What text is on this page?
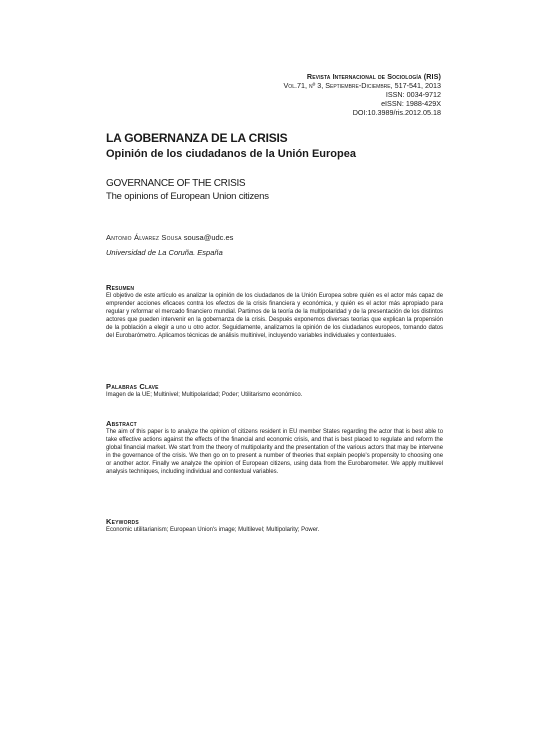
Revista Internacional de Sociología (RIS)
Vol.71, nº 3, Septiembre-Diciembre, 517-541, 2013
ISSN: 0034-9712
eISSN: 1988-429X
DOI:10.3989/ris.2012.05.18
LA GOBERNANZA DE LA CRISIS
Opinión de los ciudadanos de la Unión Europea
GOVERNANCE OF THE CRISIS
The opinions of European Union citizens
Antonio Álvarez Sousa sousa@udc.es
Universidad de La Coruña. España
Resumen

El objetivo de este artículo es analizar la opinión de los ciudadanos de la Unión Europea sobre quién es el actor más capaz de emprender acciones eficaces contra los efectos de la crisis financiera y económica, y quién es el actor más apropiado para regular y reformar el mercado financiero mundial. Partimos de la teoría de la multipolaridad y de la presentación de los distintos actores que pueden intervenir en la gobernanza de la crisis. Después exponemos diversas teorías que explican la propensión de la población a elegir a uno u otro actor. Seguidamente, analizamos la opinión de los ciudadanos europeos, tomando datos del Eurobarómetro. Aplicamos técnicas de análisis multinivel, incluyendo variables individuales y contextuales.

Palabras Clave

Imagen de la UE; Multinivel; Multipolaridad; Poder; Utilitarismo económico.

Abstract

The aim of this paper is to analyze the opinion of citizens resident in EU member States regarding the actor that is best able to take effective actions against the effects of the financial and economic crisis, and that is best placed to regulate and reform the global financial market. We start from the theory of multipolarity and the presentation of the various actors that may be intervene in the governance of the crisis. We then go on to present a number of theories that explain people's propensity to choosing one or another actor. Finally we analyze the opinion of European citizens, using data from the Eurobarometer. We apply multilevel analysis techniques, including individual and contextual variables.

Keywords

Economic utilitarianism; European Union's image; Multilevel; Multipolarity; Power.
